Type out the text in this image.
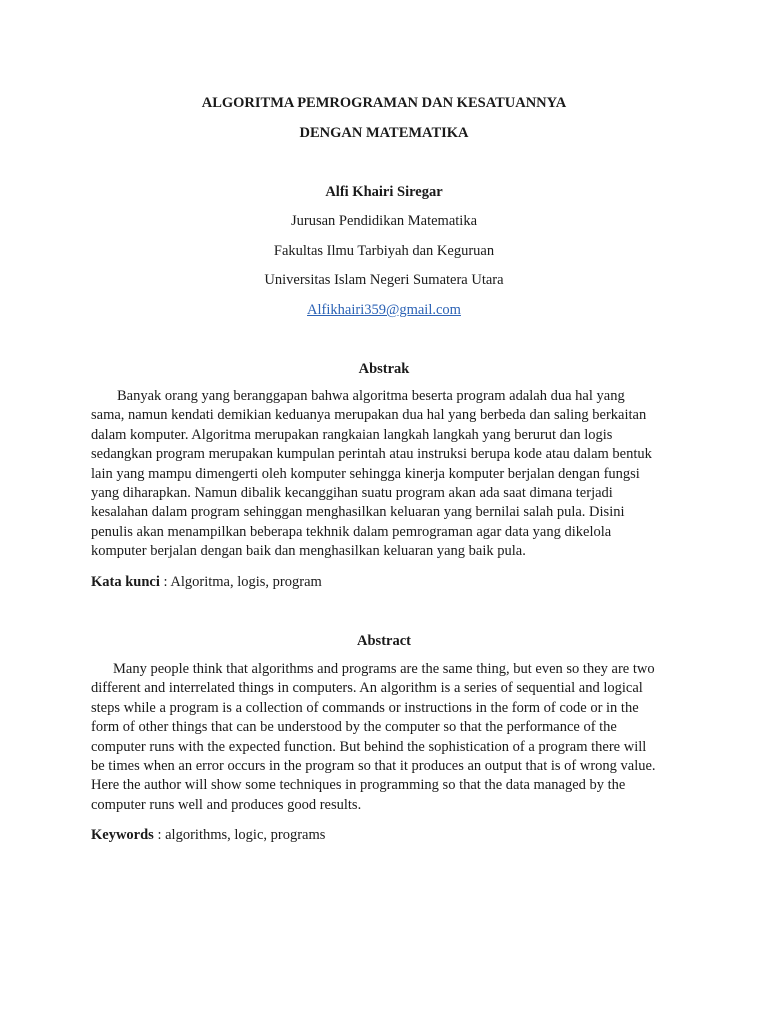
ALGORITMA PEMROGRAMAN DAN KESATUANNYA
DENGAN MATEMATIKA
Alfi Khairi Siregar
Jurusan Pendidikan Matematika
Fakultas Ilmu Tarbiyah dan Keguruan
Universitas Islam Negeri Sumatera Utara
Alfikhairi359@gmail.com
Abstrak
Banyak orang yang beranggapan bahwa algoritma beserta program adalah dua hal yang
sama, namun kendati demikian keduanya merupakan dua hal yang berbeda dan saling berkaitan
dalam komputer. Algoritma merupakan rangkaian langkah langkah yang berurut dan logis
sedangkan program merupakan kumpulan perintah atau instruksi berupa kode atau dalam bentuk
lain yang mampu dimengerti oleh komputer sehingga kinerja komputer berjalan dengan fungsi
yang diharapkan. Namun dibalik kecanggihan suatu program akan ada saat dimana terjadi
kesalahan dalam program sehinggan menghasilkan keluaran yang bernilai salah pula. Disini
penulis akan menampilkan beberapa tekhnik dalam pemrograman agar data yang dikelola
komputer berjalan dengan baik dan menghasilkan keluaran yang baik pula.
Kata kunci : Algoritma, logis, program
Abstract
Many people think that algorithms and programs are the same thing, but even so they are two
different and interrelated things in computers. An algorithm is a series of sequential and logical
steps while a program is a collection of commands or instructions in the form of code or in the
form of other things that can be understood by the computer so that the performance of the
computer runs with the expected function. But behind the sophistication of a program there will
be times when an error occurs in the program so that it produces an output that is of wrong value.
Here the author will show some techniques in programming so that the data managed by the
computer runs well and produces good results.
Keywords : algorithms, logic, programs
